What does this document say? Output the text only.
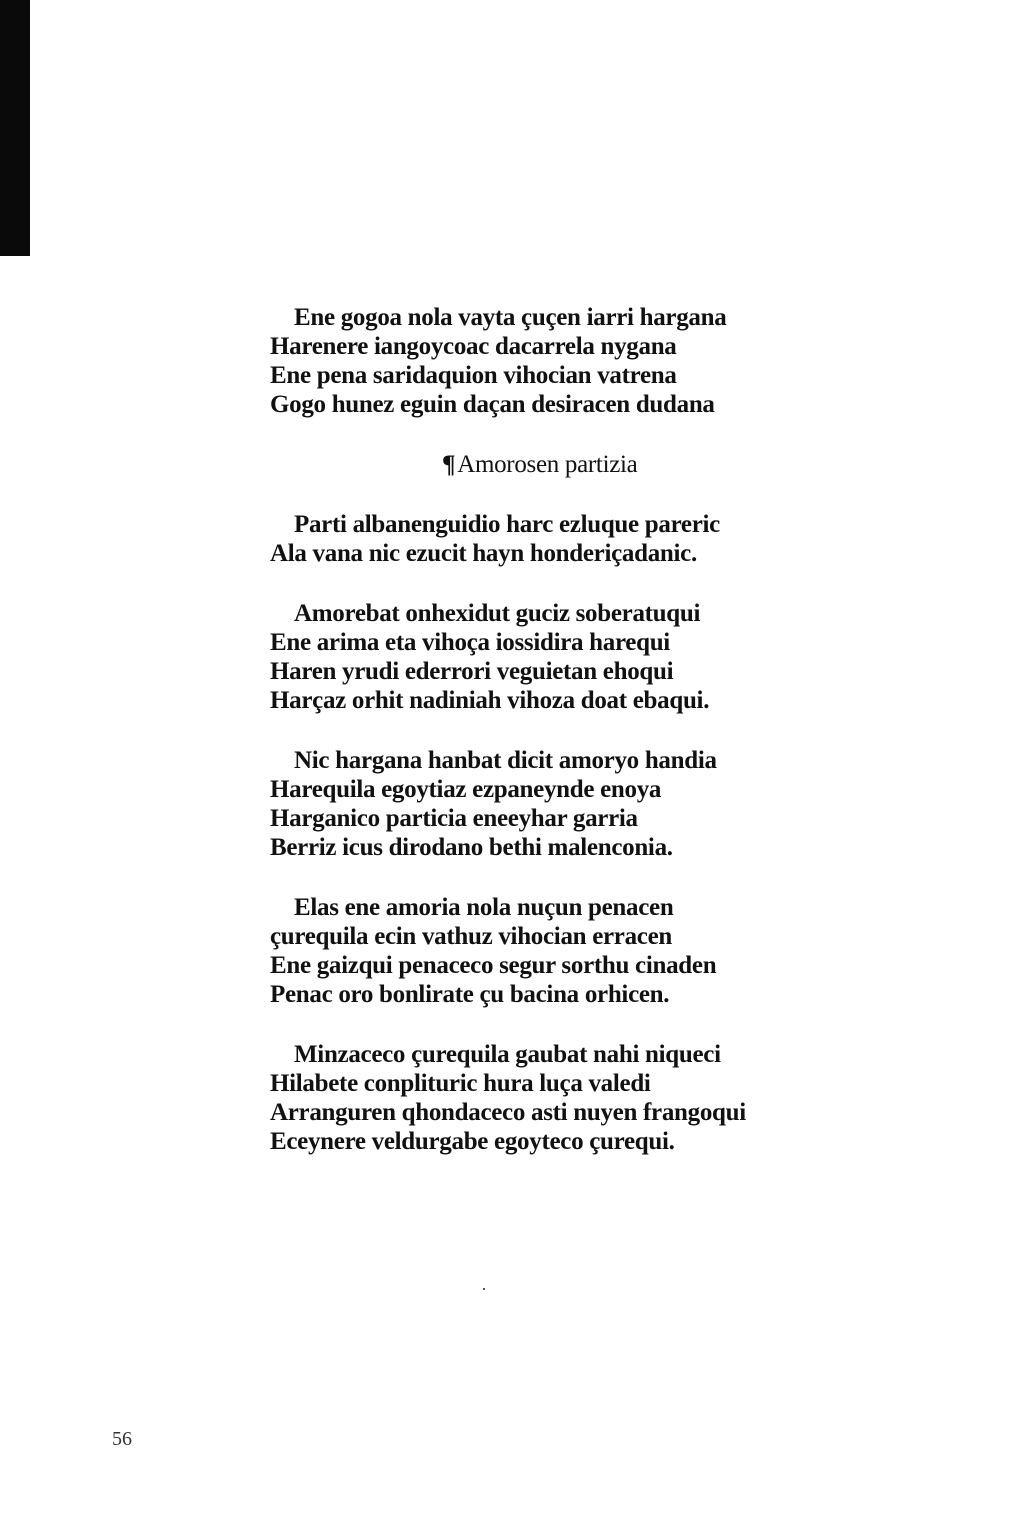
Ene gogoa nola vayta çuçen iarri hargana
Harenere iangoycoac dacarrela nygana
Ene pena saridaquion vihocian vatrena
Gogo hunez eguin daçan desiracen dudana
¶Amorosen partizia
Parti albanenguidio harc ezluque pareric
Ala vana nic ezucit hayn honderiçadanic.
Amorebat onhexidut guciz soberatuqui
Ene arima eta vihoça iossidira harequi
Haren yrudi ederrori veguietan ehoqui
Harçaz orhit nadiniah vihoza doat ebaqui.
Nic hargana hanbat dicit amoryo handia
Harequila egoytiaz ezpaneynde enoya
Harganico particia eneeyhar garria
Berriz icus dirodano bethi malenconia.
Elas ene amoria nola nuçun penacen
çurequila ecin vathuz vihocian erracen
Ene gaizqui penaceco segur sorthu cinaden
Penac oro bonlirate çu bacina orhicen.
Minzaceco çurequila gaubat nahi niqueci
Hilabete conplituric hura luça valedi
Arranguren qhondaceco asti nuyen frangoqui
Eceynere veldurgabe egoyteco çurequi.
56
